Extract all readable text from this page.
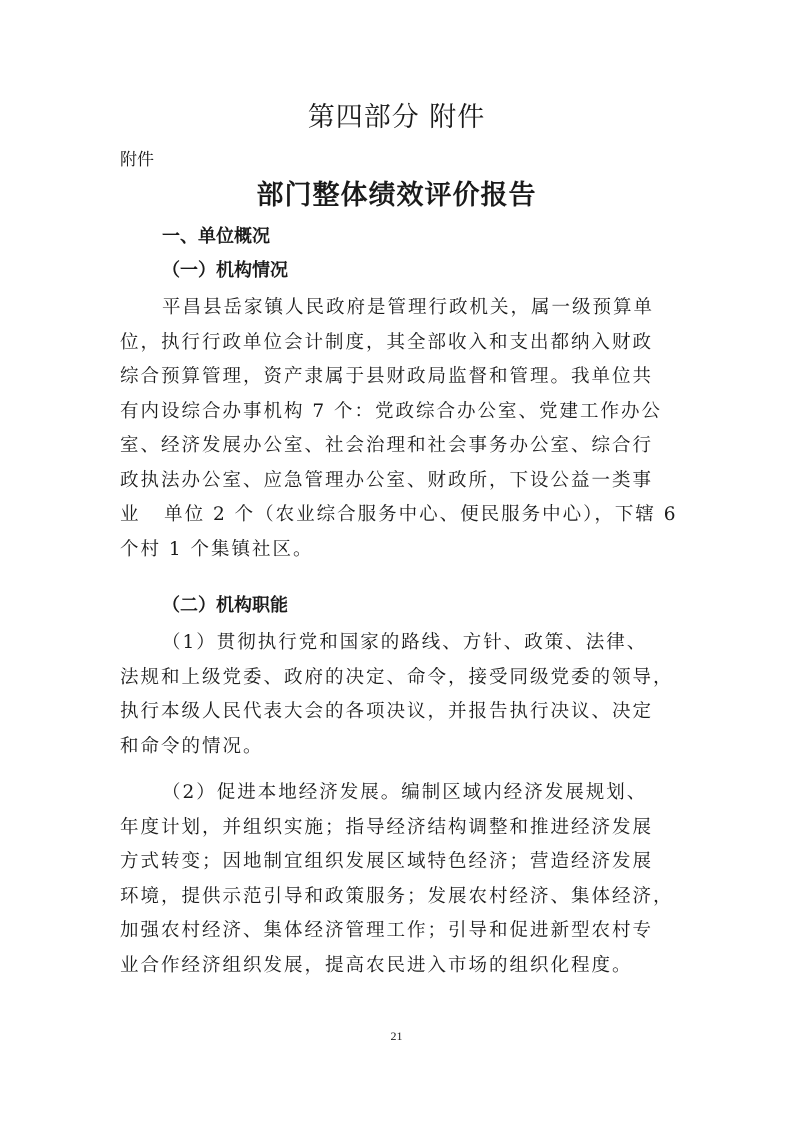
第四部分 附件
附件
部门整体绩效评价报告
一、单位概况
（一）机构情况
平昌县岳家镇人民政府是管理行政机关，属一级预算单
位，执行行政单位会计制度，其全部收入和支出都纳入财政
综合预算管理，资产隶属于县财政局监督和管理。我单位共
有内设综合办事机构 7 个：党政综合办公室、党建工作办公
室、经济发展办公室、社会治理和社会事务办公室、综合行
政执法办公室、应急管理办公室、财政所，下设公益一类事
业   单位 2 个（农业综合服务中心、便民服务中心），下辖 6
个村 1 个集镇社区。
（二）机构职能
（1）贯彻执行党和国家的路线、方针、政策、法律、
法规和上级党委、政府的决定、命令，接受同级党委的领导，
执行本级人民代表大会的各项决议，并报告执行决议、决定
和命令的情况。
（2）促进本地经济发展。编制区域内经济发展规划、
年度计划，并组织实施；指导经济结构调整和推进经济发展
方式转变；因地制宜组织发展区域特色经济；营造经济发展
环境，提供示范引导和政策服务；发展农村经济、集体经济，
加强农村经济、集体经济管理工作；引导和促进新型农村专
业合作经济组织发展，提高农民进入市场的组织化程度。
21
